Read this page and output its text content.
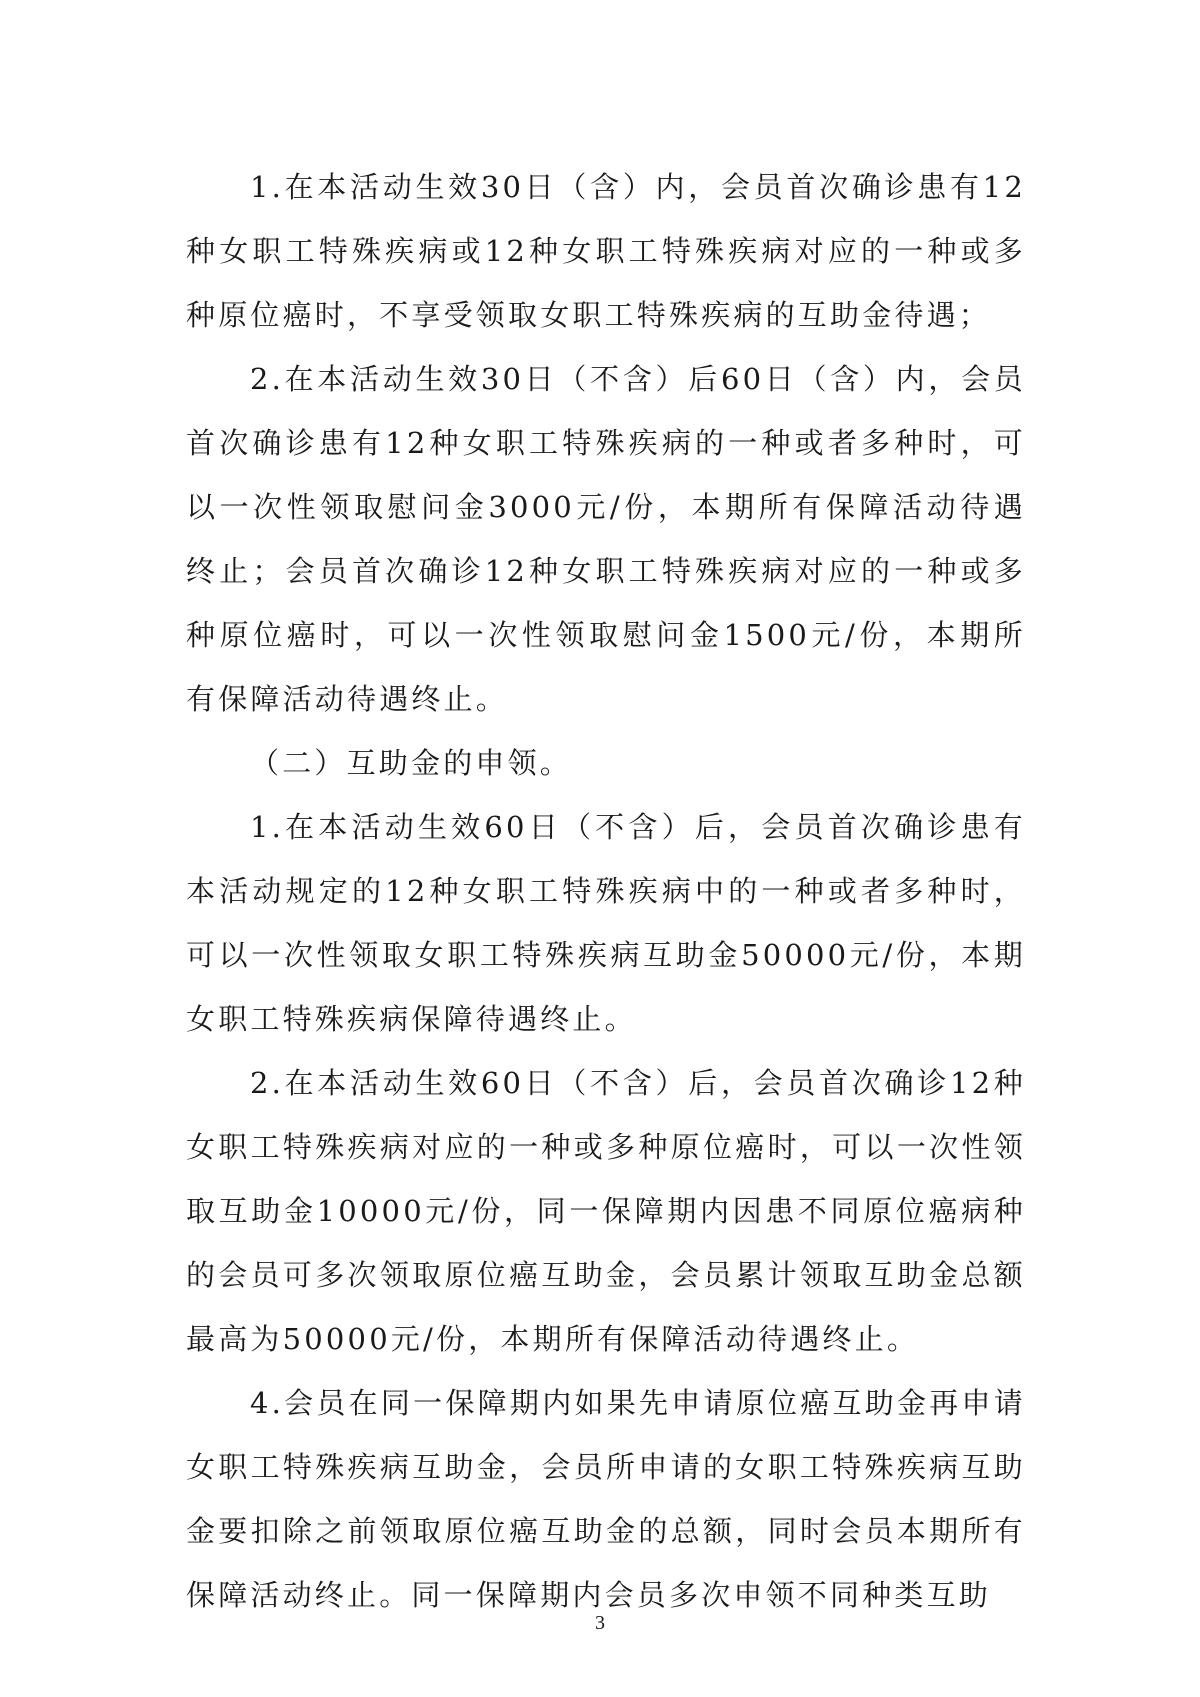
1.在本活动生效30日（含）内，会员首次确诊患有12种女职工特殊疾病或12种女职工特殊疾病对应的一种或多种原位癌时，不享受领取女职工特殊疾病的互助金待遇；

2.在本活动生效30日（不含）后60日（含）内，会员首次确诊患有12种女职工特殊疾病的一种或者多种时，可以一次性领取慰问金3000元/份，本期所有保障活动待遇终止；会员首次确诊12种女职工特殊疾病对应的一种或多种原位癌时，可以一次性领取慰问金1500元/份，本期所有保障活动待遇终止。

（二）互助金的申领。

1.在本活动生效60日（不含）后，会员首次确诊患有本活动规定的12种女职工特殊疾病中的一种或者多种时，可以一次性领取女职工特殊疾病互助金50000元/份，本期女职工特殊疾病保障待遇终止。

2.在本活动生效60日（不含）后，会员首次确诊12种女职工特殊疾病对应的一种或多种原位癌时，可以一次性领取互助金10000元/份，同一保障期内因患不同原位癌病种的会员可多次领取原位癌互助金，会员累计领取互助金总额最高为50000元/份，本期所有保障活动待遇终止。

4.会员在同一保障期内如果先申请原位癌互助金再申请女职工特殊疾病互助金，会员所申请的女职工特殊疾病互助金要扣除之前领取原位癌互助金的总额，同时会员本期所有保障活动终止。同一保障期内会员多次申领不同种类互助

3
